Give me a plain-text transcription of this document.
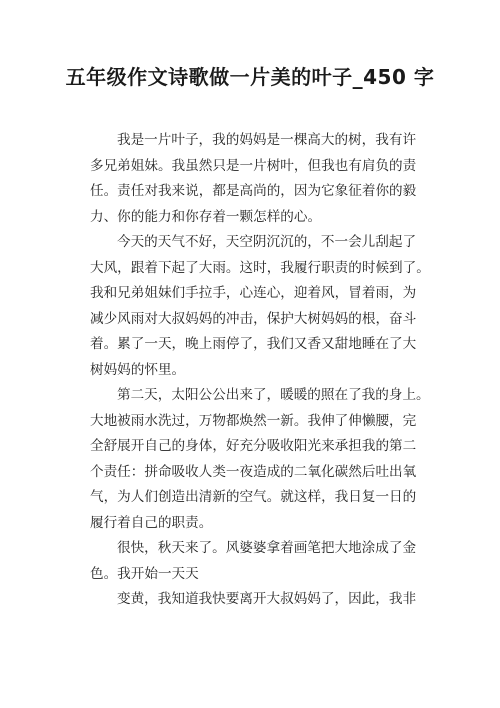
五年级作文诗歌做一片美的叶子_450 字
我是一片叶子，我的妈妈是一棵高大的树，我有许
多兄弟姐妹。我虽然只是一片树叶，但我也有肩负的责
任。责任对我来说，都是高尚的，因为它象征着你的毅
力、你的能力和你存着一颗怎样的心。
今天的天气不好，天空阴沉沉的，不一会儿刮起了
大风，跟着下起了大雨。这时，我履行职责的时候到了。
我和兄弟姐妹们手拉手，心连心，迎着风，冒着雨，为
减少风雨对大叔妈妈的冲击，保护大树妈妈的根，奋斗
着。累了一天，晚上雨停了，我们又香又甜地睡在了大
树妈妈的怀里。
第二天，太阳公公出来了，暖暖的照在了我的身上。
大地被雨水洗过，万物都焕然一新。我伸了伸懒腰，完
全舒展开自己的身体，好充分吸收阳光来承担我的第二
个责任：拼命吸收人类一夜造成的二氧化碳然后吐出氧
气，为人们创造出清新的空气。就这样，我日复一日的
履行着自己的职责。
很快，秋天来了。风婆婆拿着画笔把大地涂成了金
色。我开始一天天
变黄，我知道我快要离开大叔妈妈了，因此，我非
